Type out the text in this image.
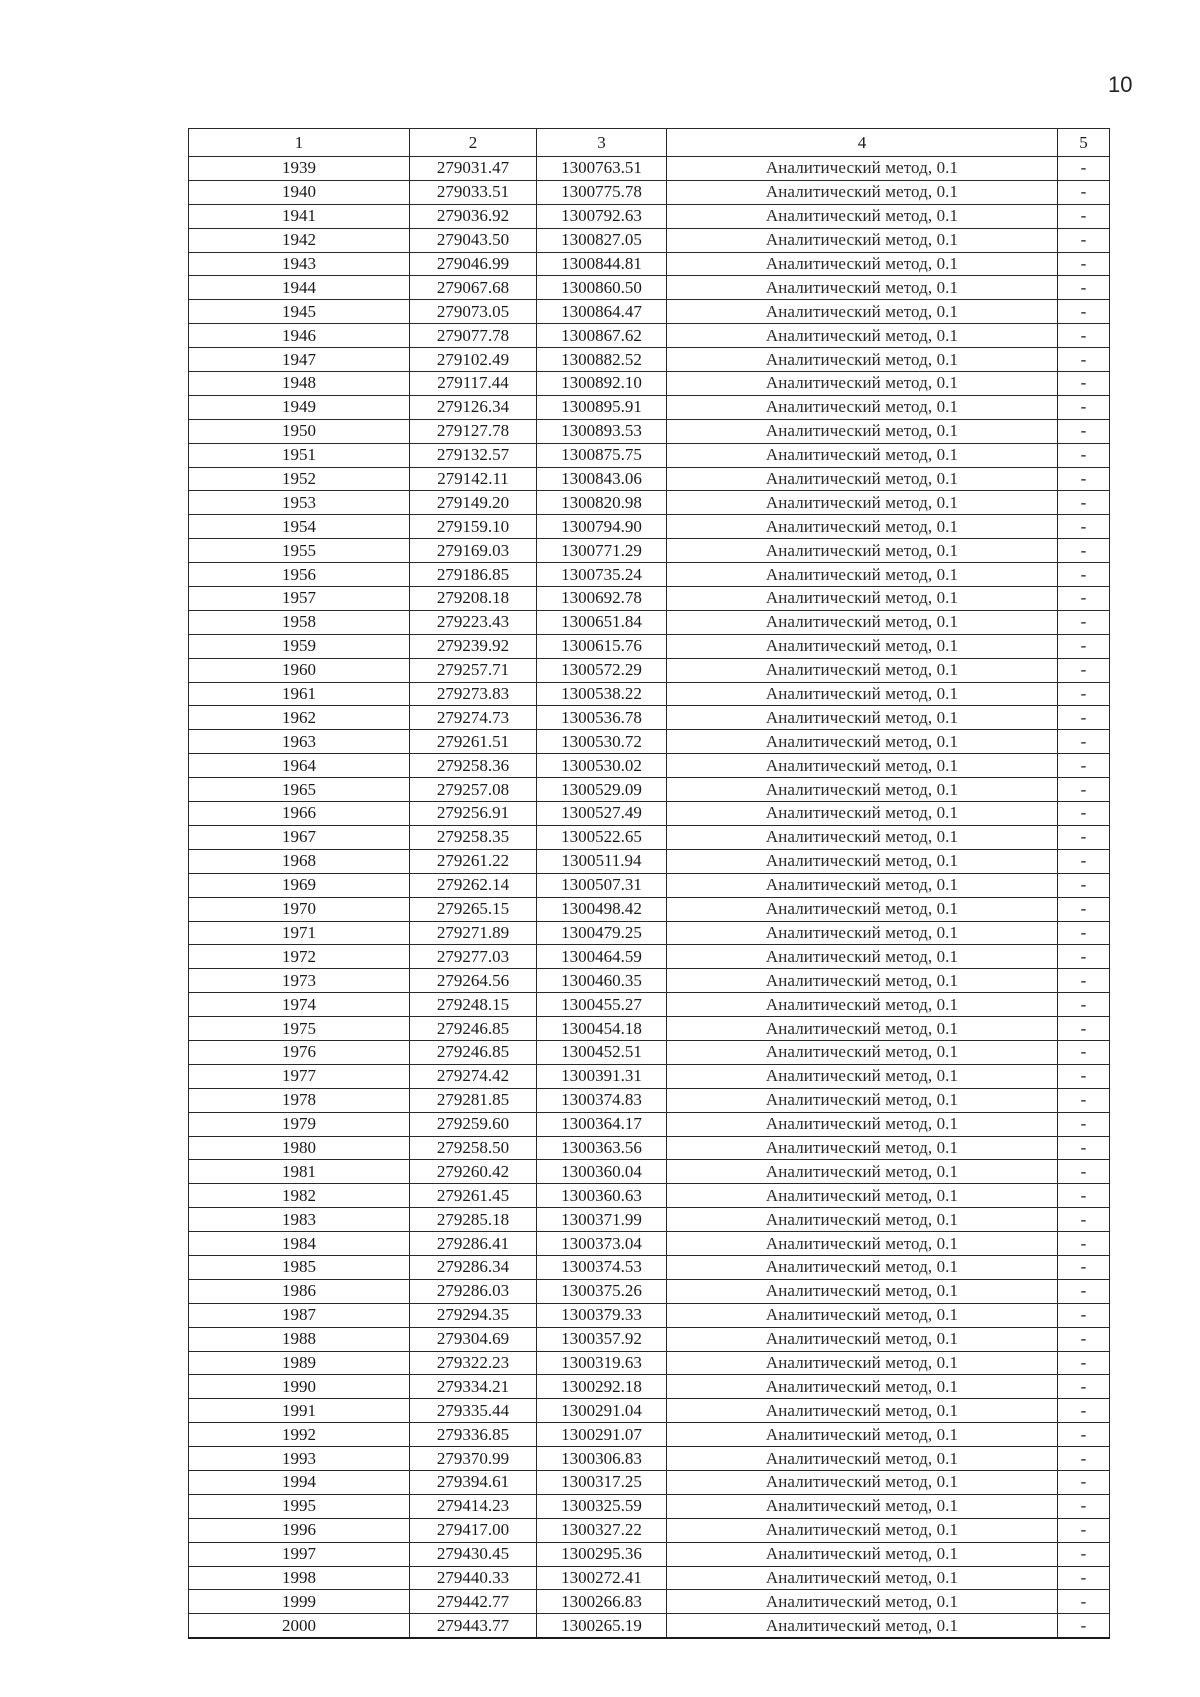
10
1	2	3	4	5
1939	279031.47	1300763.51	Аналитический метод, 0.1	-
1940	279033.51	1300775.78	Аналитический метод, 0.1	-
1941	279036.92	1300792.63	Аналитический метод, 0.1	-
1942	279043.50	1300827.05	Аналитический метод, 0.1	-
1943	279046.99	1300844.81	Аналитический метод, 0.1	-
1944	279067.68	1300860.50	Аналитический метод, 0.1	-
1945	279073.05	1300864.47	Аналитический метод, 0.1	-
1946	279077.78	1300867.62	Аналитический метод, 0.1	-
1947	279102.49	1300882.52	Аналитический метод, 0.1	-
1948	279117.44	1300892.10	Аналитический метод, 0.1	-
1949	279126.34	1300895.91	Аналитический метод, 0.1	-
1950	279127.78	1300893.53	Аналитический метод, 0.1	-
1951	279132.57	1300875.75	Аналитический метод, 0.1	-
1952	279142.11	1300843.06	Аналитический метод, 0.1	-
1953	279149.20	1300820.98	Аналитический метод, 0.1	-
1954	279159.10	1300794.90	Аналитический метод, 0.1	-
1955	279169.03	1300771.29	Аналитический метод, 0.1	-
1956	279186.85	1300735.24	Аналитический метод, 0.1	-
1957	279208.18	1300692.78	Аналитический метод, 0.1	-
1958	279223.43	1300651.84	Аналитический метод, 0.1	-
1959	279239.92	1300615.76	Аналитический метод, 0.1	-
1960	279257.71	1300572.29	Аналитический метод, 0.1	-
1961	279273.83	1300538.22	Аналитический метод, 0.1	-
1962	279274.73	1300536.78	Аналитический метод, 0.1	-
1963	279261.51	1300530.72	Аналитический метод, 0.1	-
1964	279258.36	1300530.02	Аналитический метод, 0.1	-
1965	279257.08	1300529.09	Аналитический метод, 0.1	-
1966	279256.91	1300527.49	Аналитический метод, 0.1	-
1967	279258.35	1300522.65	Аналитический метод, 0.1	-
1968	279261.22	1300511.94	Аналитический метод, 0.1	-
1969	279262.14	1300507.31	Аналитический метод, 0.1	-
1970	279265.15	1300498.42	Аналитический метод, 0.1	-
1971	279271.89	1300479.25	Аналитический метод, 0.1	-
1972	279277.03	1300464.59	Аналитический метод, 0.1	-
1973	279264.56	1300460.35	Аналитический метод, 0.1	-
1974	279248.15	1300455.27	Аналитический метод, 0.1	-
1975	279246.85	1300454.18	Аналитический метод, 0.1	-
1976	279246.85	1300452.51	Аналитический метод, 0.1	-
1977	279274.42	1300391.31	Аналитический метод, 0.1	-
1978	279281.85	1300374.83	Аналитический метод, 0.1	-
1979	279259.60	1300364.17	Аналитический метод, 0.1	-
1980	279258.50	1300363.56	Аналитический метод, 0.1	-
1981	279260.42	1300360.04	Аналитический метод, 0.1	-
1982	279261.45	1300360.63	Аналитический метод, 0.1	-
1983	279285.18	1300371.99	Аналитический метод, 0.1	-
1984	279286.41	1300373.04	Аналитический метод, 0.1	-
1985	279286.34	1300374.53	Аналитический метод, 0.1	-
1986	279286.03	1300375.26	Аналитический метод, 0.1	-
1987	279294.35	1300379.33	Аналитический метод, 0.1	-
1988	279304.69	1300357.92	Аналитический метод, 0.1	-
1989	279322.23	1300319.63	Аналитический метод, 0.1	-
1990	279334.21	1300292.18	Аналитический метод, 0.1	-
1991	279335.44	1300291.04	Аналитический метод, 0.1	-
1992	279336.85	1300291.07	Аналитический метод, 0.1	-
1993	279370.99	1300306.83	Аналитический метод, 0.1	-
1994	279394.61	1300317.25	Аналитический метод, 0.1	-
1995	279414.23	1300325.59	Аналитический метод, 0.1	-
1996	279417.00	1300327.22	Аналитический метод, 0.1	-
1997	279430.45	1300295.36	Аналитический метод, 0.1	-
1998	279440.33	1300272.41	Аналитический метод, 0.1	-
1999	279442.77	1300266.83	Аналитический метод, 0.1	-
2000	279443.77	1300265.19	Аналитический метод, 0.1	-
